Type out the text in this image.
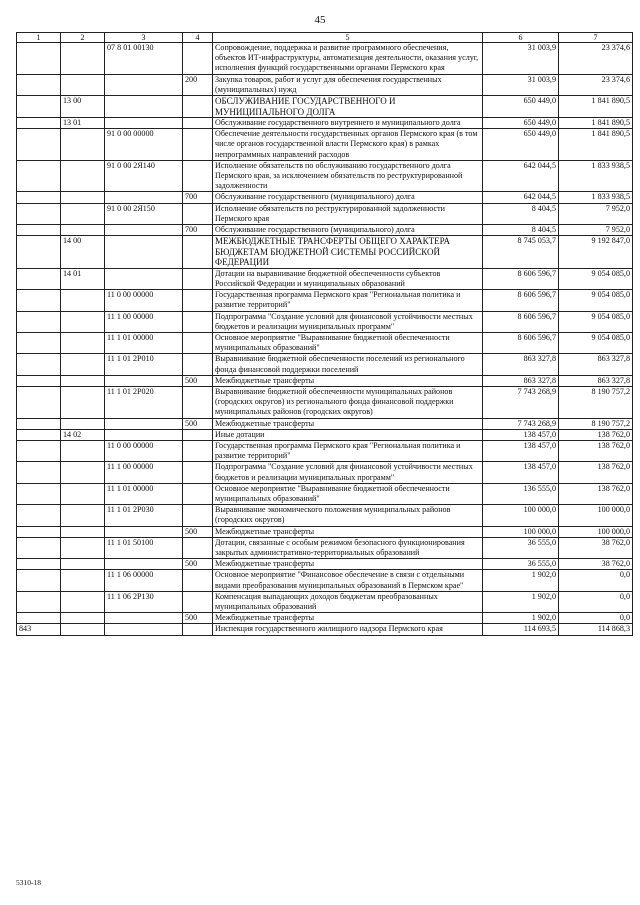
45
1	2	3	4	5	6	7
		07 8 01 00130		Сопровождение, поддержка и развитие программного обеспечения, объектов ИТ-инфраструктуры, автоматизация деятельности, оказания услуг, исполнения функций государственными органами Пермского края	31 003,9	23 374,6
			200	Закупка товаров, работ и услуг для обеспечения государственных (муниципальных) нужд	31 003,9	23 374,6
	13 00			ОБСЛУЖИВАНИЕ ГОСУДАРСТВЕННОГО И МУНИЦИПАЛЬНОГО ДОЛГА	650 449,0	1 841 890,5
	13 01			Обслуживание государственного внутреннего и муниципального долга	650 449,0	1 841 890,5
		91 0 00 00000		Обеспечение деятельности государственных органов Пермского края (в том числе органов государственной власти Пермского края) в рамках непрограммных направлений расходов	650 449,0	1 841 890,5
		91 0 00 2Я140		Исполнение обязательств по обслуживанию государственного долга Пермского края, за исключением обязательств по реструктурированной задолженности	642 044,5	1 833 938,5
			700	Обслуживание государственного (муниципального) долга	642 044,5	1 833 938,5
		91 0 00 2Я150		Исполнение обязательств по реструктурированной задолженности Пермского края	8 404,5	7 952,0
			700	Обслуживание государственного (муниципального) долга	8 404,5	7 952,0
	14 00			МЕЖБЮДЖЕТНЫЕ ТРАНСФЕРТЫ ОБЩЕГО ХАРАКТЕРА БЮДЖЕТАМ БЮДЖЕТНОЙ СИСТЕМЫ РОССИЙСКОЙ ФЕДЕРАЦИИ	8 745 053,7	9 192 847,0
	14 01			Дотации на выравнивание бюджетной обеспеченности субъектов Российской Федерации и муниципальных образований	8 606 596,7	9 054 085,0
		11 0 00 00000		Государственная программа Пермского края "Региональная политика и развитие территорий"	8 606 596,7	9 054 085,0
		11 1 00 00000		Подпрограмма "Создание условий для финансовой устойчивости местных бюджетов и реализации муниципальных программ"	8 606 596,7	9 054 085,0
		11 1 01 00000		Основное мероприятие "Выравнивание бюджетной обеспеченности муниципальных образований"	8 606 596,7	9 054 085,0
		11 1 01 2P010		Выравнивание бюджетной обеспеченности поселений из регионального фонда финансовой поддержки поселений	863 327,8	863 327,8
			500	Межбюджетные трансферты	863 327,8	863 327,8
		11 1 01 2P020		Выравнивание бюджетной обеспеченности муниципальных районов (городских округов) из регионального фонда финансовой поддержки муниципальных районов (городских округов)	7 743 268,9	8 190 757,2
			500	Межбюджетные трансферты	7 743 268,9	8 190 757,2
	14 02			Иные дотации	138 457,0	138 762,0
		11 0 00 00000		Государственная программа Пермского края "Региональная политика и развитие территорий"	138 457,0	138 762,0
		11 1 00 00000		Подпрограмма "Создание условий для финансовой устойчивости местных бюджетов и реализации муниципальных программ"	138 457,0	138 762,0
		11 1 01 00000		Основное мероприятие "Выравнивание бюджетной обеспеченности муниципальных образований"	136 555,0	138 762,0
		11 1 01 2P030		Выравнивание экономического положения муниципальных районов (городских округов)	100 000,0	100 000,0
			500	Межбюджетные трансферты	100 000,0	100 000,0
		11 1 01 50100		Дотации, связанные с особым режимом безопасного функционирования закрытых административно-территориальных образований	36 555,0	38 762,0
			500	Межбюджетные трансферты	36 555,0	38 762,0
		11 1 06 00000		Основное мероприятие "Финансовое обеспечение в связи с отдельными видами преобразования муниципальных образований в Пермском крае"	1 902,0	0,0
		11 1 06 2P130		Компенсация выпадающих доходов бюджетам преобразованных муниципальных образований	1 902,0	0,0
			500	Межбюджетные трансферты	1 902,0	0,0
843				Инспекция государственного жилищного надзора Пермского края	114 693,5	114 868,3
5310-18
